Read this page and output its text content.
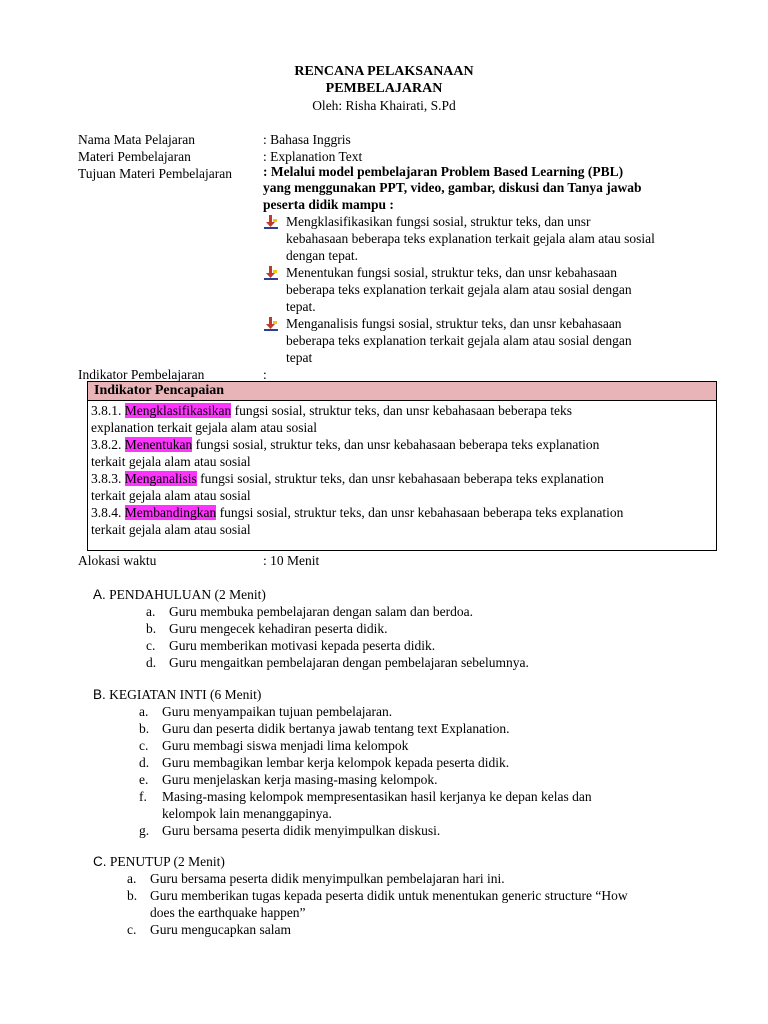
RENCANA PELAKSANAAN
PEMBELAJARAN
Oleh: Risha Khairati, S.Pd
Nama Mata Pelajaran	: Bahasa Inggris
Materi Pembelajaran	: Explanation Text
Tujuan Materi Pembelajaran : Melalui model pembelajaran Problem Based Learning (PBL)
yang menggunakan PPT, video, gambar, diskusi dan Tanya jawab
peserta didik mampu :
Mengklasifikasikan fungsi sosial, struktur teks, dan unsr
kebahasaan beberapa teks explanation terkait gejala alam atau sosial
dengan tepat.
Menentukan fungsi sosial, struktur teks, dan unsr kebahasaan
beberapa teks explanation terkait gejala alam atau sosial dengan
tepat.
Menganalisis fungsi sosial, struktur teks, dan unsr kebahasaan
beberapa teks explanation terkait gejala alam atau sosial dengan
tepat
Indikator Pembelajaran	:
Indikator Pencapaian
3.8.1. Mengklasifikasikan fungsi sosial, struktur teks, dan unsr kebahasaan beberapa teks
explanation terkait gejala alam atau sosial
3.8.2. Menentukan fungsi sosial, struktur teks, dan unsr kebahasaan beberapa teks explanation
terkait gejala alam atau sosial
3.8.3. Menganalisis fungsi sosial, struktur teks, dan unsr kebahasaan beberapa teks explanation
terkait gejala alam atau sosial
3.8.4. Membandingkan fungsi sosial, struktur teks, dan unsr kebahasaan beberapa teks explanation
terkait gejala alam atau sosial
Alokasi waktu	: 10 Menit
A. PENDAHULUAN (2 Menit)
a. Guru membuka pembelajaran dengan salam dan berdoa.
b. Guru mengecek kehadiran peserta didik.
c. Guru memberikan motivasi kepada peserta didik.
d. Guru mengaitkan pembelajaran dengan pembelajaran sebelumnya.
B. KEGIATAN INTI (6 Menit)
a. Guru menyampaikan tujuan pembelajaran.
b. Guru dan peserta didik bertanya jawab tentang text Explanation.
c. Guru membagi siswa menjadi lima kelompok
d. Guru membagikan lembar kerja kelompok kepada peserta didik.
e. Guru menjelaskan kerja masing-masing kelompok.
f. Masing-masing kelompok mempresentasikan hasil kerjanya ke depan kelas dan
kelompok lain menanggapinya.
g. Guru bersama peserta didik menyimpulkan diskusi.
C. PENUTUP (2 Menit)
a. Guru bersama peserta didik menyimpulkan pembelajaran hari ini.
b. Guru memberikan tugas kepada peserta didik untuk menentukan generic structure “How
does the earthquake happen”
c. Guru mengucapkan salam
